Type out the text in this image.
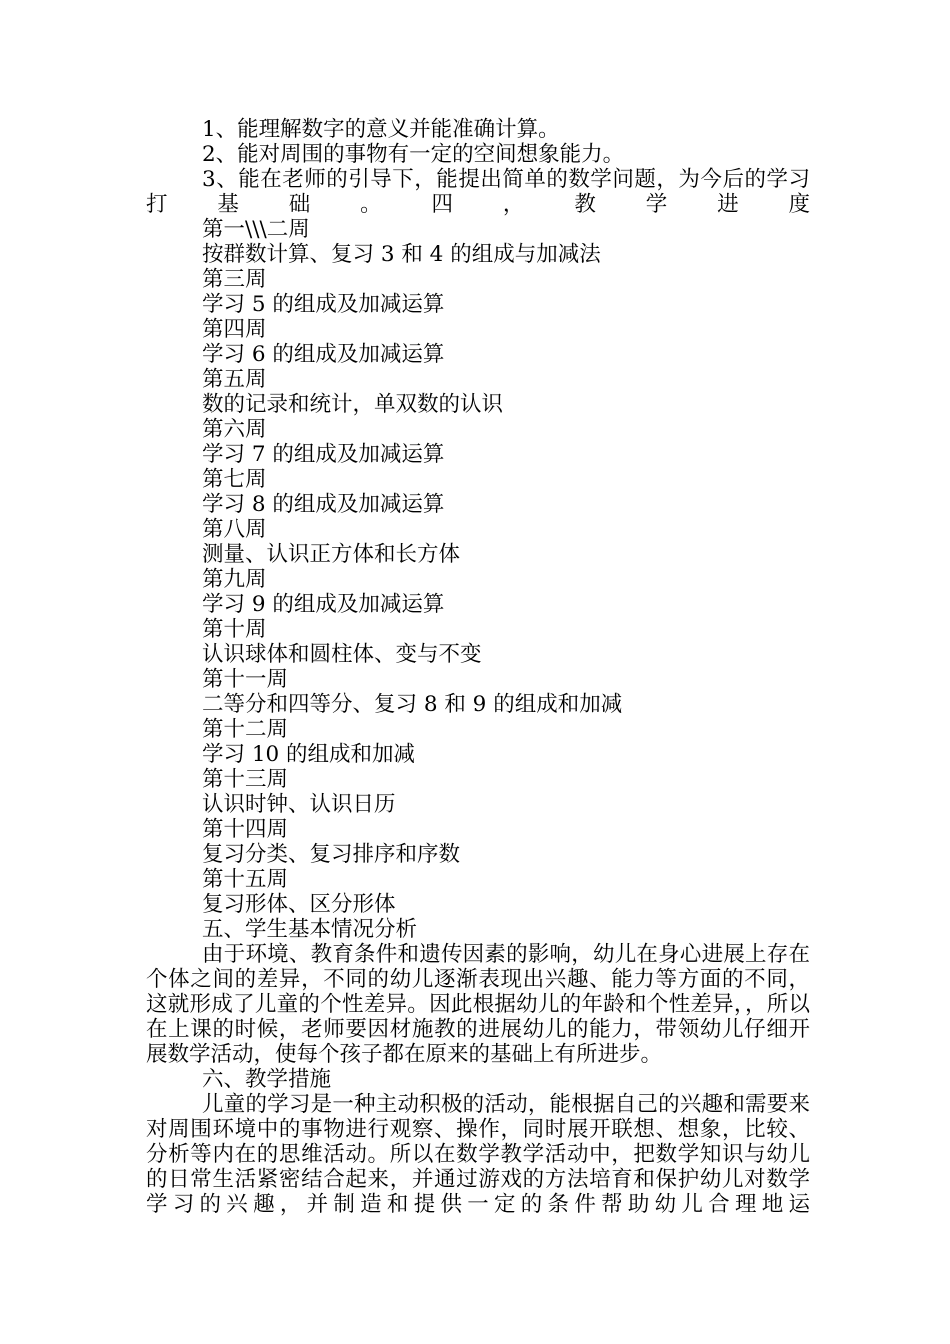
1、能理解数字的意义并能准确计算。
2、能对周围的事物有一定的空间想象能力。
3、能在老师的引导下，能提出简单的数学问题，为今后的学习打基础。四，教学进度
第一\\\二周
按群数计算、复习 3 和 4 的组成与加减法
第三周
学习 5 的组成及加减运算
第四周
学习 6 的组成及加减运算
第五周
数的记录和统计，单双数的认识
第六周
学习 7 的组成及加减运算
第七周
学习 8 的组成及加减运算
第八周
测量、认识正方体和长方体
第九周
学习 9 的组成及加减运算
第十周
认识球体和圆柱体、变与不变
第十一周
二等分和四等分、复习 8 和 9 的组成和加减
第十二周
学习 10 的组成和加减
第十三周
认识时钟、认识日历
第十四周
复习分类、复习排序和序数
第十五周
复习形体、区分形体
五、学生基本情况分析
由于环境、教育条件和遗传因素的影响，幼儿在身心进展上存在个体之间的差异，不同的幼儿逐渐表现出兴趣、能力等方面的不同，这就形成了儿童的个性差异。因此根据幼儿的年龄和个性差异，，所以在上课的时候，老师要因材施教的进展幼儿的能力，带领幼儿仔细开展数学活动，使每个孩子都在原来的基础上有所进步。
六、教学措施
儿童的学习是一种主动积极的活动，能根据自己的兴趣和需要来对周围环境中的事物进行观察、操作，同时展开联想、想象，比较、分析等内在的思维活动。所以在数学教学活动中，把数学知识与幼儿的日常生活紧密结合起来，并通过游戏的方法培育和保护幼儿对数学学习的兴趣，并制造和提供一定的条件帮助幼儿合理地运
